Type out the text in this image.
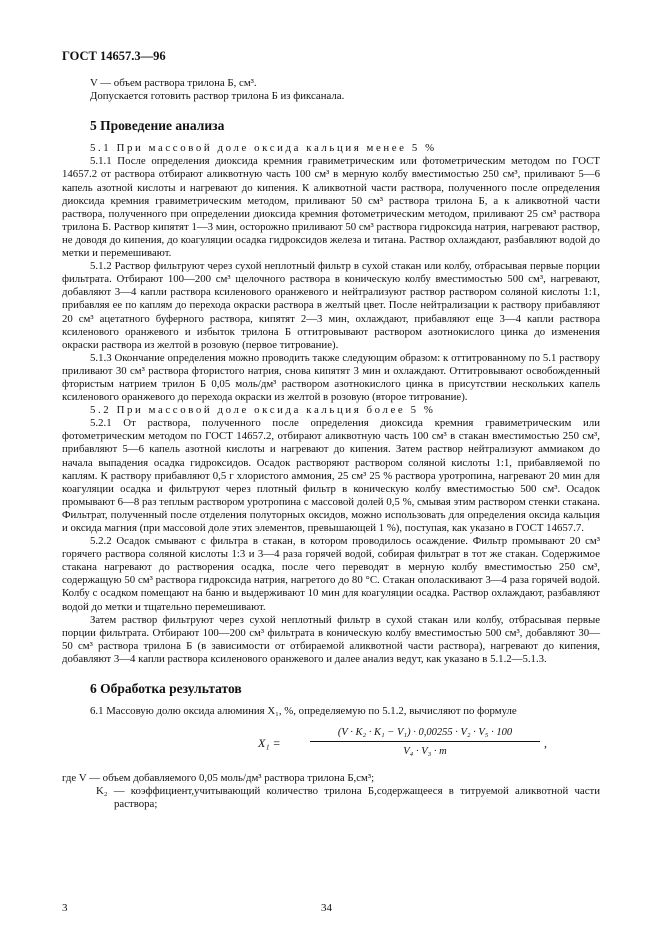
ГОСТ 14657.3—96

V — объем раствора трилона Б, см³.

Допускается готовить раствор трилона Б из фиксанала.

5 Проведение анализа

5.1 При массовой доле оксида кальция менее 5 %

5.1.1 После определения диоксида кремния гравиметрическим или фотометрическим методом по ГОСТ 14657.2 от раствора отбирают аликвотную часть 100 см³ в мерную колбу вместимостью 250 см³, приливают 5—6 капель азотной кислоты и нагревают до кипения. К аликвотной части раствора, полученного после определения диоксида кремния гравиметрическим методом, приливают 50 см³ раствора трилона Б, а к аликвотной части раствора, полученного при определении диоксида кремния фотометрическим методом, приливают 25 см³ раствора трилона Б. Раствор кипятят 1—3 мин, осторожно приливают 50 см³ раствора гидроксида натрия, нагревают раствор, не доводя до кипения, до коагуляции осадка гидроксидов железа и титана. Раствор охлаждают, разбавляют водой до метки и перемешивают.

5.1.2 Раствор фильтруют через сухой неплотный фильтр в сухой стакан или колбу, отбрасывая первые порции фильтрата. Отбирают 100—200 см³ щелочного раствора в коническую колбу вместимостью 500 см³, нагревают, добавляют 3—4 капли раствора ксиленового оранжевого и нейтрализуют раствор раствором соляной кислоты 1:1, прибавляя ее по каплям до перехода окраски раствора в желтый цвет. После нейтрализации к раствору прибавляют 20 см³ ацетатного буферного раствора, кипятят 2—3 мин, охлаждают, прибавляют еще 3—4 капли раствора ксиленового оранжевого и избыток трилона Б оттитровывают раствором азотнокислого цинка до изменения окраски раствора из желтой в розовую (первое титрование).

5.1.3 Окончание определения можно проводить также следующим образом: к оттитрованному по 5.1 раствору приливают 30 см³ раствора фтористого натрия, снова кипятят 3 мин и охлаждают. Оттитровывают освобожденный фтористым натрием трилон Б 0,05 моль/дм³ раствором азотнокислого цинка в присутствии нескольких капель ксиленового оранжевого до перехода окраски из желтой в розовую (второе титрование).

5.2 При массовой доле оксида кальция более 5 %

5.2.1 От раствора, полученного после определения диоксида кремния гравиметрическим или фотометрическим методом по ГОСТ 14657.2, отбирают аликвотную часть 100 см³ в стакан вместимостью 250 см³, прибавляют 5—6 капель азотной кислоты и нагревают до кипения. Затем раствор нейтрализуют аммиаком до начала выпадения осадка гидроксидов. Осадок растворяют раствором соляной кислоты 1:1, прибавляемой по каплям. К раствору прибавляют 0,5 г хлористого аммония, 25 см³ 25 % раствора уротропина, нагревают 20 мин для коагуляции осадка и фильтруют через плотный фильтр в коническую колбу вместимостью 500 см³. Осадок промывают 6—8 раз теплым раствором уротропина с массовой долей 0,5 %, смывая этим раствором стенки стакана. Фильтрат, полученный после отделения полуторных оксидов, можно использовать для определения оксида кальция и оксида магния (при массовой доле этих элементов, превышающей 1 %), поступая, как указано в ГОСТ 14657.7.

5.2.2 Осадок смывают с фильтра в стакан, в котором проводилось осаждение. Фильтр промывают 20 см³ горячего раствора соляной кислоты 1:3 и 3—4 раза горячей водой, собирая фильтрат в тот же стакан. Содержимое стакана нагревают до растворения осадка, после чего переводят в мерную колбу вместимостью 250 см³, содержащую 50 см³ раствора гидроксида натрия, нагретого до 80 °С. Стакан ополаскивают 3—4 раза горячей водой. Колбу с осадком помещают на баню и выдерживают 10 мин для коагуляции осадка. Раствор охлаждают, разбавляют водой до метки и тщательно перемешивают.

Затем раствор фильтруют через сухой неплотный фильтр в сухой стакан или колбу, отбрасывая первые порции фильтрата. Отбирают 100—200 см³ фильтрата в коническую колбу вместимостью 500 см³, добавляют 30—50 см³ раствора трилона Б (в зависимости от отбираемой аликвотной части раствора), нагревают до кипения, добавляют 3—4 капли раствора ксиленового оранжевого и далее анализ ведут, как указано в 5.1.2—5.1.3.

6 Обработка результатов

6.1 Массовую долю оксида алюминия X₁, %, определяемую по 5.1.2, вычисляют по формуле

X₁ =
(V · K₂ · K₁ − V₁) · 0,00255 · V₂ · V₅ · 100
V₄ · V₃ · m
,

где V — объем добавляемого 0,05 моль/дм³ раствора трилона Б,см³;

K₂ — коэффициент,учитывающий количество трилона Б,содержащееся в титруемой аликвотной части раствора;

3	34
